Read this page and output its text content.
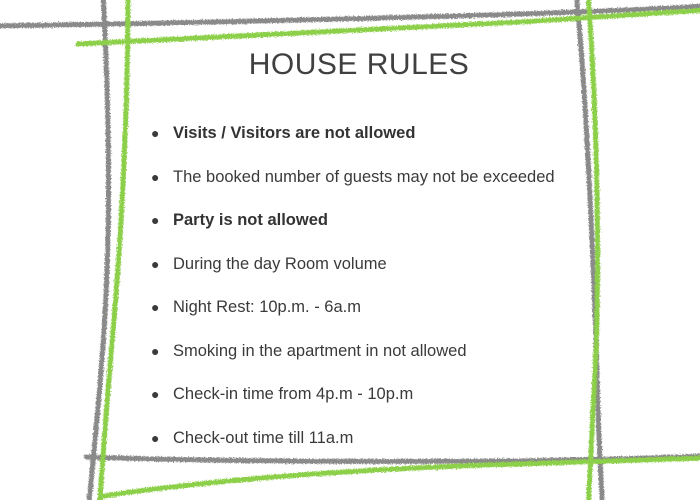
HOUSE RULES
● Visits / Visitors are not allowed
● The booked number of guests may not be exceeded
● Party is not allowed
● During the day Room volume
● Night Rest: 10p.m. - 6a.m
● Smoking in the apartment in not allowed
● Check-in time from 4p.m - 10p.m
● Check-out time till 11a.m
